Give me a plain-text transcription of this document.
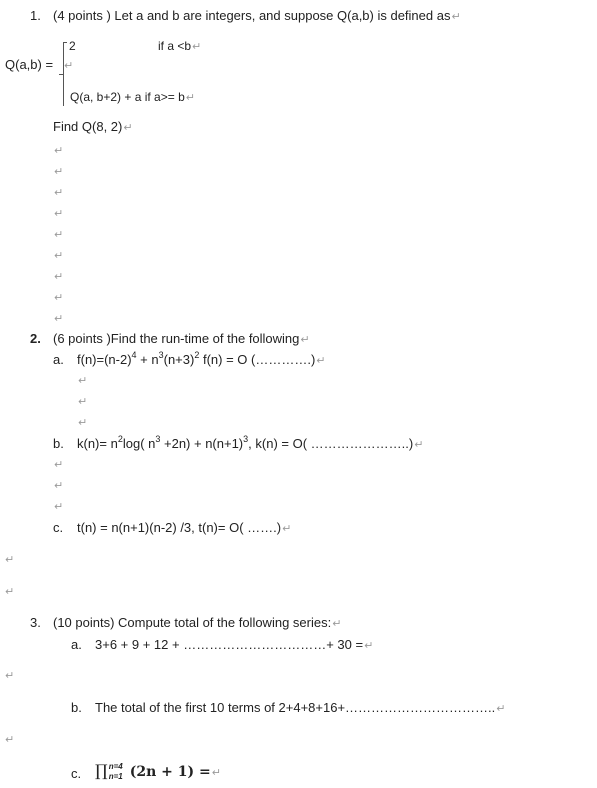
1. (4 points ) Let a and b are integers, and suppose Q(a,b) is defined as↵
Q(a,b) = ↵
2	if a <b↵
Q(a, b+2) + a if a>= b↵
Find Q(8, 2)↵
↵
↵
↵
↵
↵
↵
↵
↵
↵
2. (6 points )Find the run-time of the following↵
a. $f(n)=(n-2)^4 + n^3(n+3)^2$ f(n) = O (………….)↵
↵
↵
↵
b. $k(n)= n^2\log$( $n^3 +2n) + n(n+1)^3$, k(n) = O( …………………..)↵
↵
↵
↵
c. t(n) = n(n+1)(n-2) /3, t(n)= O( …….)↵
↵
↵
3. (10 points) Compute total of the following series:↵
a. 3+6 + 9 + 12 + ……………………………+ 30 =↵
↵
b. The total of the first 10 terms of 2+4+8+16+……………………………..↵
↵
c. ∏ n=4
n=1 (2n + 1) =↵
